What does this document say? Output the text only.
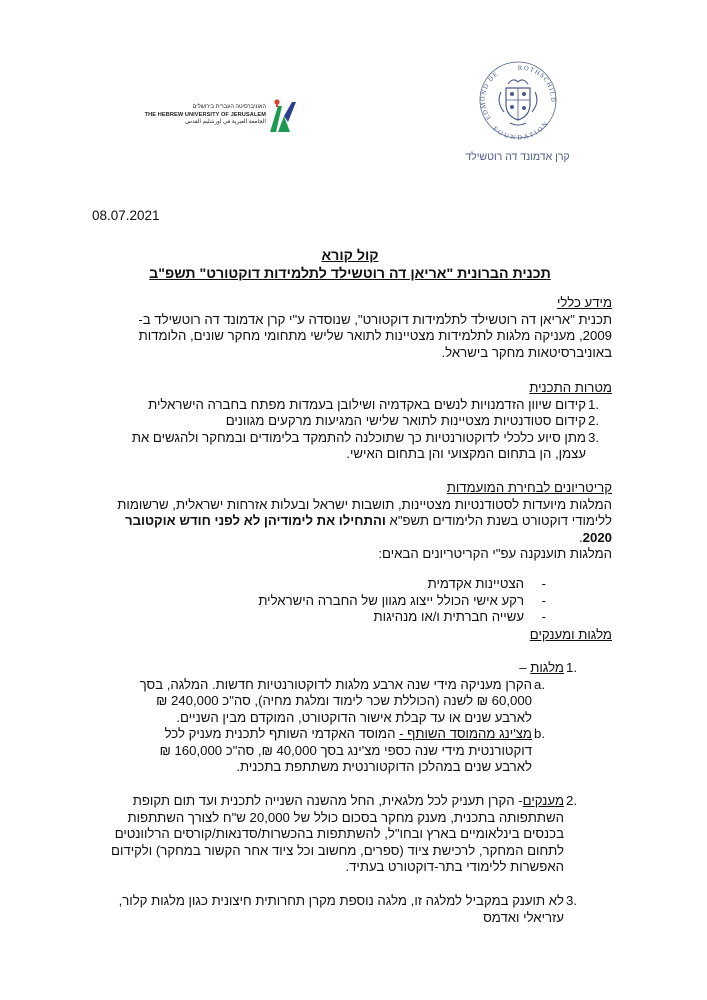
האוניברסיטה העברית בירושלים
THE HEBREW UNIVERSITY OF JERUSALEM
الجامعة العبرية في اورشليم القدس
EDMOND DE
ROTHSCHILD
FOUNDATION
קרן אדמונד דה רוטשילד
08.07.2021
קול קורא
תכנית הברונית "אריאן דה רוטשילד לתלמידות דוקטורט" תשפ"ב
מידע כללי
תכנית "אריאן דה רוטשילד לתלמידות דוקטורט", שנוסדה ע"י קרן אדמונד דה רוטשילד ב-
2009, מעניקה מלגות לתלמידות מצטיינות לתואר שלישי מתחומי מחקר שונים, הלומדות
באוניברסיטאות מחקר בישראל.
מטרות התכנית
1.
קידום שיוון הזדמנויות לנשים באקדמיה ושילובן בעמדות מפתח בחברה הישראלית
2.
קידום סטודנטיות מצטיינות לתואר שלישי המגיעות מרקעים מגוונים
3.
מתן סיוע כלכלי לדוקטורנטיות כך שתוכלנה להתמקד בלימודים ובמחקר ולהגשים את
עצמן, הן בתחום המקצועי והן בתחום האישי.
קריטריונים לבחירת המועמדות
המלגות מיועדות לסטודנטיות מצטיינות, תושבות ישראל ובעלות אזרחות ישראלית, שרשומות
ללימודי דוקטורט בשנת הלימודים תשפ"א והתחילו את לימודיהן לא לפני חודש אוקטובר
2020.
המלגות תוענקנה עפ"י הקריטריונים הבאים:
-
הצטיינות אקדמית
-
רקע אישי הכולל ייצוג מגוון של החברה הישראלית
-
עשייה חברתית ו/או מנהיגות
מלגות ומענקים
1.
מלגות –
a.
הקרן מעניקה מידי שנה ארבע מלגות לדוקטורנטיות חדשות. המלגה, בסך
60,000 ₪ לשנה (הכוללת שכר לימוד ומלגת מחיה), סה"כ 240,000 ₪
לארבע שנים או עד קבלת אישור הדוקטורט, המוקדם מבין השניים.
b.
מצ'ינג מהמוסד השותף - המוסד האקדמי השותף לתכנית מעניק לכל
דוקטורנטית מידי שנה כספי מצ'ינג בסך 40,000 ₪, סה"כ 160,000 ₪
לארבע שנים במהלכן הדוקטורנטית משתתפת בתכנית.
2.
מענקים- הקרן תעניק לכל מלגאית, החל מהשנה השנייה לתכנית ועד תום תקופת
השתתפותה בתכנית, מענק מחקר בסכום כולל של 20,000 ש"ח לצורך השתתפות
בכנסים בינלאומיים בארץ ובחו"ל, להשתתפות בהכשרות/סדנאות/קורסים הרלוונטים
לתחום המחקר, לרכישת ציוד (ספרים, מחשוב וכל ציוד אחר הקשור במחקר) ולקידום
האפשרות ללימודי בתר-דוקטורט בעתיד.
3.
לא תוענק במקביל למלגה זו, מלגה נוספת מקרן תחרותית חיצונית כגון מלגות קלור,
עזריאלי ואדמס
